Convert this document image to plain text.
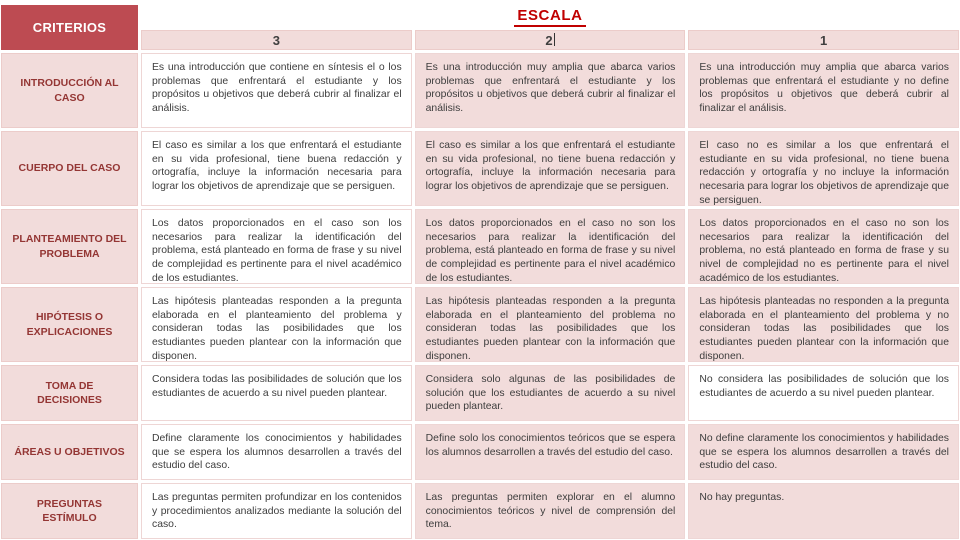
CRITERIOS
ESCALA
3	2	1
INTRODUCCIÓN AL CASO
Es una introducción que contiene en síntesis el o los problemas que enfrentará el estudiante y los propósitos u objetivos que deberá cubrir al finalizar el análisis.
Es una introducción muy amplia que abarca varios problemas que enfrentará el estudiante y los propósitos u objetivos que deberá cubrir al finalizar el análisis.
Es una introducción muy amplia que abarca varios problemas que enfrentará el estudiante y no define los propósitos u objetivos que deberá cubrir al finalizar el análisis.
CUERPO DEL CASO
El caso es similar a los que enfrentará el estudiante en su vida profesional, tiene buena redacción y ortografía, incluye la información necesaria para lograr los objetivos de aprendizaje que se persiguen.
El caso es similar a los que enfrentará el estudiante en su vida profesional, no tiene buena redacción y ortografía, incluye la información necesaria para lograr los objetivos de aprendizaje que se persiguen.
El caso no es similar a los que enfrentará el estudiante en su vida profesional, no tiene buena redacción y ortografía y no incluye la información necesaria para lograr los objetivos de aprendizaje que se persiguen.
PLANTEAMIENTO DEL PROBLEMA
Los datos proporcionados en el caso son los necesarios para realizar la identificación del problema, está planteado en forma de frase y su nivel de complejidad es pertinente para el nivel académico de los estudiantes.
Los datos proporcionados en el caso no son los necesarios para realizar la identificación del problema, está planteado en forma de frase y su nivel de complejidad es pertinente para el nivel académico de los estudiantes.
Los datos proporcionados en el caso no son los necesarios para realizar la identificación del problema, no está planteado en forma de frase y su nivel de complejidad no es pertinente para el nivel académico de los estudiantes.
HIPÓTESIS O EXPLICACIONES
Las hipótesis planteadas responden a la pregunta elaborada en el planteamiento del problema y consideran todas las posibilidades que los estudiantes pueden plantear con la información que disponen.
Las hipótesis planteadas responden a la pregunta elaborada en el planteamiento del problema no consideran todas las posibilidades que los estudiantes pueden plantear con la información que disponen.
Las hipótesis planteadas no responden a la pregunta elaborada en el planteamiento del problema y no consideran todas las posibilidades que los estudiantes pueden plantear con la información que disponen.
TOMA DE DECISIONES
Considera todas las posibilidades de solución que los estudiantes de acuerdo a su nivel pueden plantear.
Considera solo algunas de las posibilidades de solución que los estudiantes de acuerdo a su nivel pueden plantear.
No considera las posibilidades de solución que los estudiantes de acuerdo a su nivel pueden plantear.
ÁREAS U OBJETIVOS
Define claramente los conocimientos y habilidades que se espera los alumnos desarrollen a través del estudio del caso.
Define solo los conocimientos teóricos que se espera los alumnos desarrollen a través del estudio del caso.
No define claramente los conocimientos y habilidades que se espera los alumnos desarrollen a través del estudio del caso.
PREGUNTAS ESTÍMULO
Las preguntas permiten profundizar en los contenidos y procedimientos analizados mediante la solución del caso.
Las preguntas permiten explorar en el alumno conocimientos teóricos y nivel de comprensión del tema.
No hay preguntas.
